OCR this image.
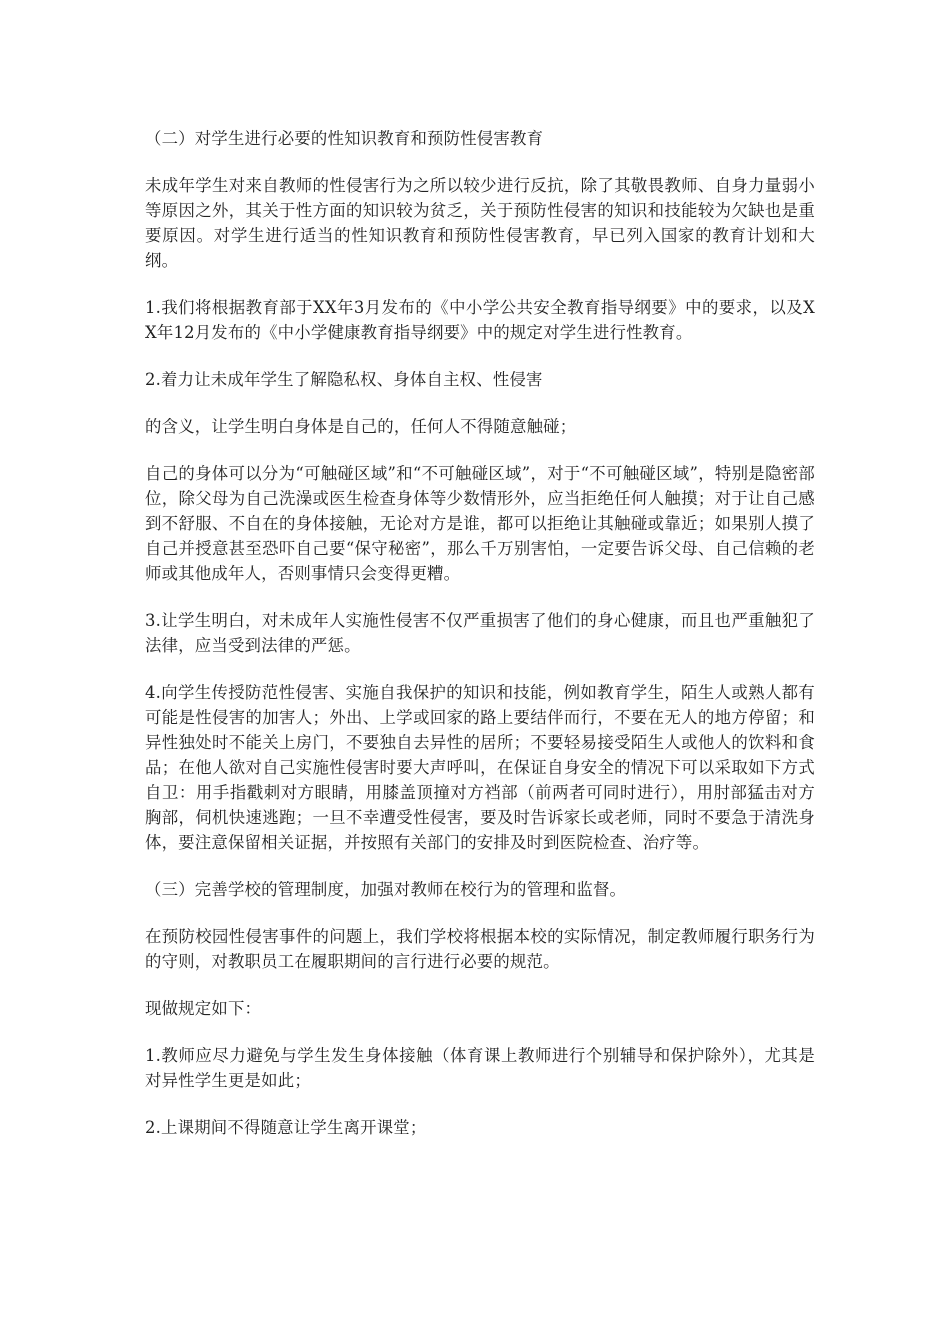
（二）对学生进行必要的性知识教育和预防性侵害教育

未成年学生对来自教师的性侵害行为之所以较少进行反抗，除了其敬畏教师、自身力量弱小等原因之外，其关于性方面的知识较为贫乏，关于预防性侵害的知识和技能较为欠缺也是重要原因。对学生进行适当的性知识教育和预防性侵害教育，早已列入国家的教育计划和大纲。

1.我们将根据教育部于XX年3月发布的《中小学公共安全教育指导纲要》中的要求，以及XX年12月发布的《中小学健康教育指导纲要》中的规定对学生进行性教育。

2.着力让未成年学生了解隐私权、身体自主权、性侵害

的含义，让学生明白身体是自己的，任何人不得随意触碰；

自己的身体可以分为“可触碰区域”和“不可触碰区域”，对于“不可触碰区域”，特别是隐密部位，除父母为自己洗澡或医生检查身体等少数情形外，应当拒绝任何人触摸；对于让自己感到不舒服、不自在的身体接触，无论对方是谁，都可以拒绝让其触碰或靠近；如果别人摸了自己并授意甚至恐吓自己要“保守秘密”，那么千万别害怕，一定要告诉父母、自己信赖的老师或其他成年人，否则事情只会变得更糟。

3.让学生明白，对未成年人实施性侵害不仅严重损害了他们的身心健康，而且也严重触犯了法律，应当受到法律的严惩。

4.向学生传授防范性侵害、实施自我保护的知识和技能，例如教育学生，陌生人或熟人都有可能是性侵害的加害人；外出、上学或回家的路上要结伴而行，不要在无人的地方停留；和异性独处时不能关上房门，不要独自去异性的居所；不要轻易接受陌生人或他人的饮料和食品；在他人欲对自己实施性侵害时要大声呼叫，在保证自身安全的情况下可以采取如下方式自卫：用手指戳刺对方眼睛，用膝盖顶撞对方裆部（前两者可同时进行），用肘部猛击对方胸部，伺机快速逃跑；一旦不幸遭受性侵害，要及时告诉家长或老师，同时不要急于清洗身体，要注意保留相关证据，并按照有关部门的安排及时到医院检查、治疗等。

（三）完善学校的管理制度，加强对教师在校行为的管理和监督。

在预防校园性侵害事件的问题上，我们学校将根据本校的实际情况，制定教师履行职务行为的守则，对教职员工在履职期间的言行进行必要的规范。

现做规定如下：

1.教师应尽力避免与学生发生身体接触（体育课上教师进行个别辅导和保护除外），尤其是对异性学生更是如此；

2.上课期间不得随意让学生离开课堂；
